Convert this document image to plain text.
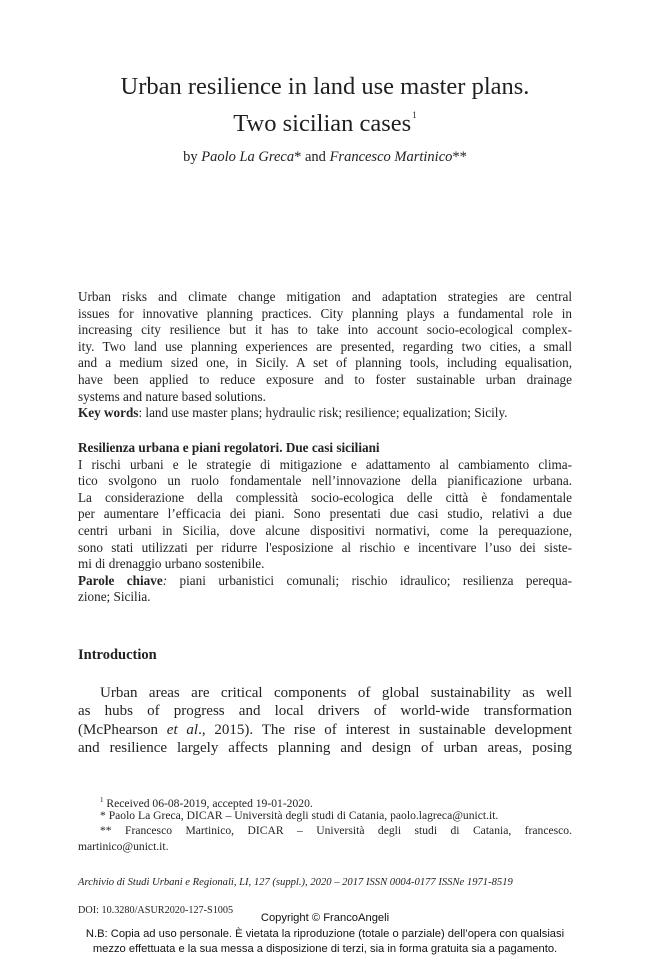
Urban resilience in land use master plans.
Two sicilian cases$^1$
by Paolo La Greca* and Francesco Martinico**
Urban risks and climate change mitigation and adaptation strategies are central
issues for innovative planning practices. City planning plays a fundamental role in
increasing city resilience but it has to take into account socio-ecological complex-
ity. Two land use planning experiences are presented, regarding two cities, a small
and a medium sized one, in Sicily. A set of planning tools, including equalisation,
have been applied to reduce exposure and to foster sustainable urban drainage
systems and nature based solutions.
Key words: land use master plans; hydraulic risk; resilience; equalization; Sicily.
Resilienza urbana e piani regolatori. Due casi siciliani
I rischi urbani e le strategie di mitigazione e adattamento al cambiamento clima-
tico svolgono un ruolo fondamentale nell’innovazione della pianificazione urbana.
La considerazione della complessità socio-ecologica delle città è fondamentale
per aumentare l’efficacia dei piani. Sono presentati due casi studio, relativi a due
centri urbani in Sicilia, dove alcune dispositivi normativi, come la perequazione,
sono stati utilizzati per ridurre l'esposizione al rischio e incentivare l’uso dei siste-
mi di drenaggio urbano sostenibile.
Parole chiave: piani urbanistici comunali; rischio idraulico; resilienza perequa-
zione; Sicilia.
Introduction
Urban areas are critical components of global sustainability as well
as hubs of progress and local drivers of world-wide transformation
(McPhearson et al., 2015). The rise of interest in sustainable development
and resilience largely affects planning and design of urban areas, posing
$^1$ Received 06-08-2019, accepted 19-01-2020.
* Paolo La Greca, DICAR – Università degli studi di Catania, paolo.lagreca@unict.it.
** Francesco Martinico, DICAR – Università degli studi di Catania, francesco.
martinico@unict.it.
Archivio di Studi Urbani e Regionali, LI, 127 (suppl.), 2020 – 2017 ISSN 0004-0177 ISSNe 1971-8519
DOI: 10.3280/ASUR2020-127-S1005
Copyright © FrancoAngeli
N.B: Copia ad uso personale. È vietata la riproduzione (totale o parziale) dell’opera con qualsiasi
mezzo effettuata e la sua messa a disposizione di terzi, sia in forma gratuita sia a pagamento.
